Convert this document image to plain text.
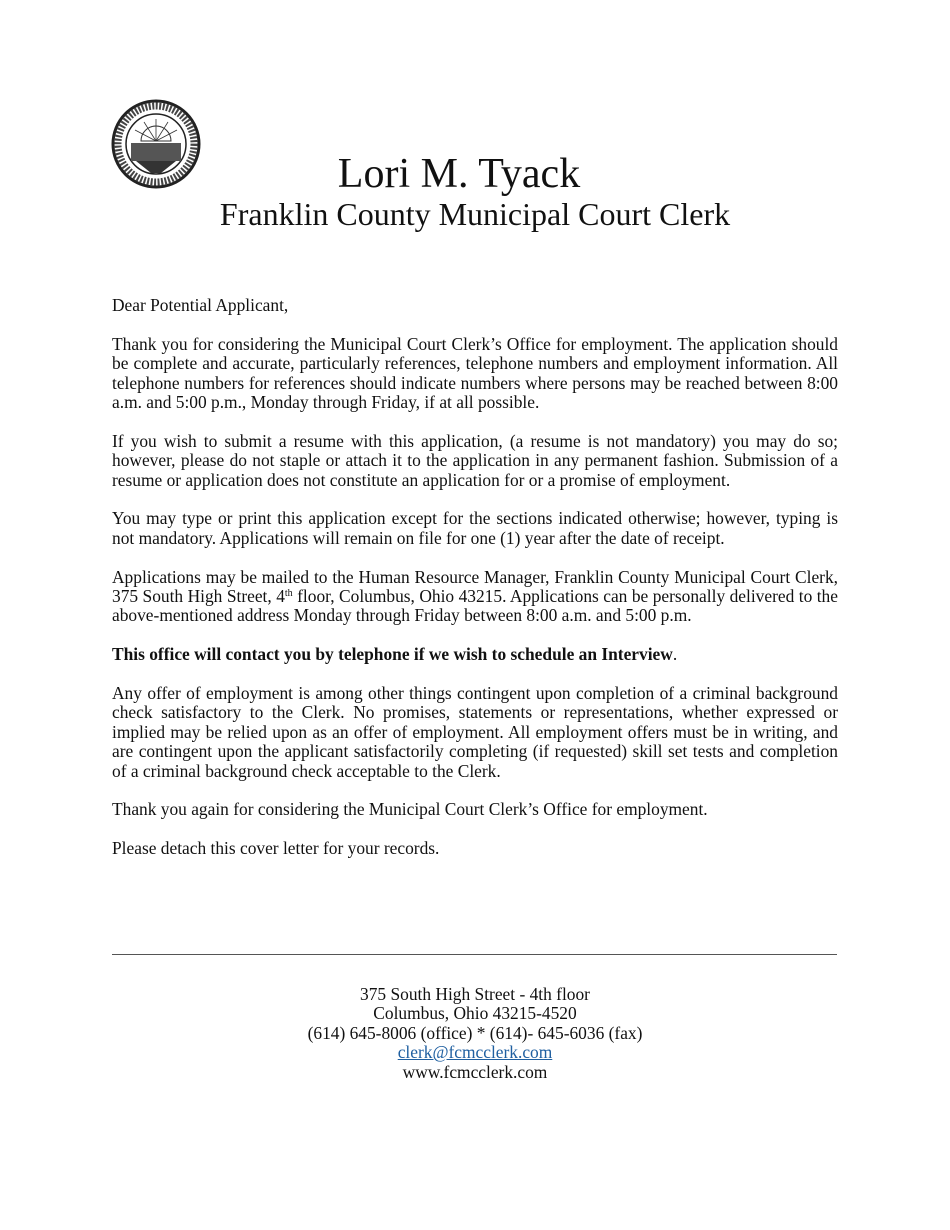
Lori M. Tyack
Franklin County Municipal Court Clerk

Dear Potential Applicant,

Thank you for considering the Municipal Court Clerk’s Office for employment. The application should be complete and accurate, particularly references, telephone numbers and employment information. All telephone numbers for references should indicate numbers where persons may be reached between 8:00 a.m. and 5:00 p.m., Monday through Friday, if at all possible.

If you wish to submit a resume with this application, (a resume is not mandatory) you may do so; however, please do not staple or attach it to the application in any permanent fashion. Submission of a resume or application does not constitute an application for or a promise of employment.

You may type or print this application except for the sections indicated otherwise; however, typing is not mandatory. Applications will remain on file for one (1) year after the date of receipt.

Applications may be mailed to the Human Resource Manager, Franklin County Municipal Court Clerk, 375 South High Street, 4th floor, Columbus, Ohio 43215. Applications can be personally delivered to the above-mentioned address Monday through Friday between 8:00 a.m. and 5:00 p.m.

This office will contact you by telephone if we wish to schedule an Interview.

Any offer of employment is among other things contingent upon completion of a criminal background check satisfactory to the Clerk. No promises, statements or representations, whether expressed or implied may be relied upon as an offer of employment. All employment offers must be in writing, and are contingent upon the applicant satisfactorily completing (if requested) skill set tests and completion of a criminal background check acceptable to the Clerk.

Thank you again for considering the Municipal Court Clerk’s Office for employment.

Please detach this cover letter for your records.

375 South High Street - 4th floor
Columbus, Ohio 43215-4520
(614) 645-8006 (office) * (614)- 645-6036 (fax)
clerk@fcmcclerk.com
www.fcmcclerk.com
